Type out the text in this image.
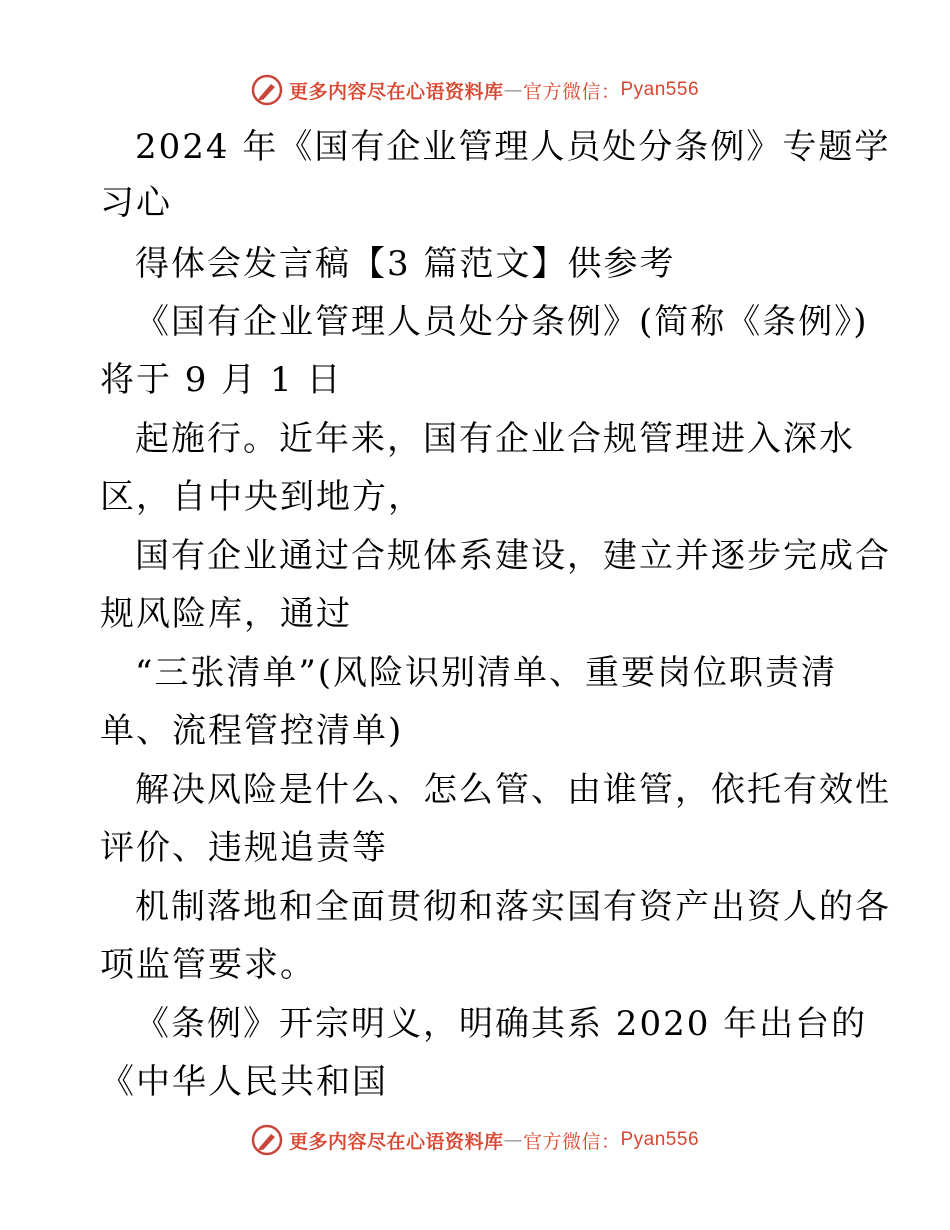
更多内容尽在心语资料库 — 官方微信： Pyan556
2024 年《国有企业管理人员处分条例》专题学
习心
得体会发言稿【3 篇范文】供参考
《国有企业管理人员处分条例》(简称《条例》)
将于 9 月 1 日
起施行。近年来，国有企业合规管理进入深水
区，自中央到地方，
国有企业通过合规体系建设，建立并逐步完成合
规风险库，通过
“三张清单”(风险识别清单、重要岗位职责清
单、流程管控清单)
解决风险是什么、怎么管、由谁管，依托有效性
评价、违规追责等
机制落地和全面贯彻和落实国有资产出资人的各
项监管要求。
《条例》开宗明义，明确其系 2020 年出台的
《中华人民共和国
更多内容尽在心语资料库 — 官方微信： Pyan556
